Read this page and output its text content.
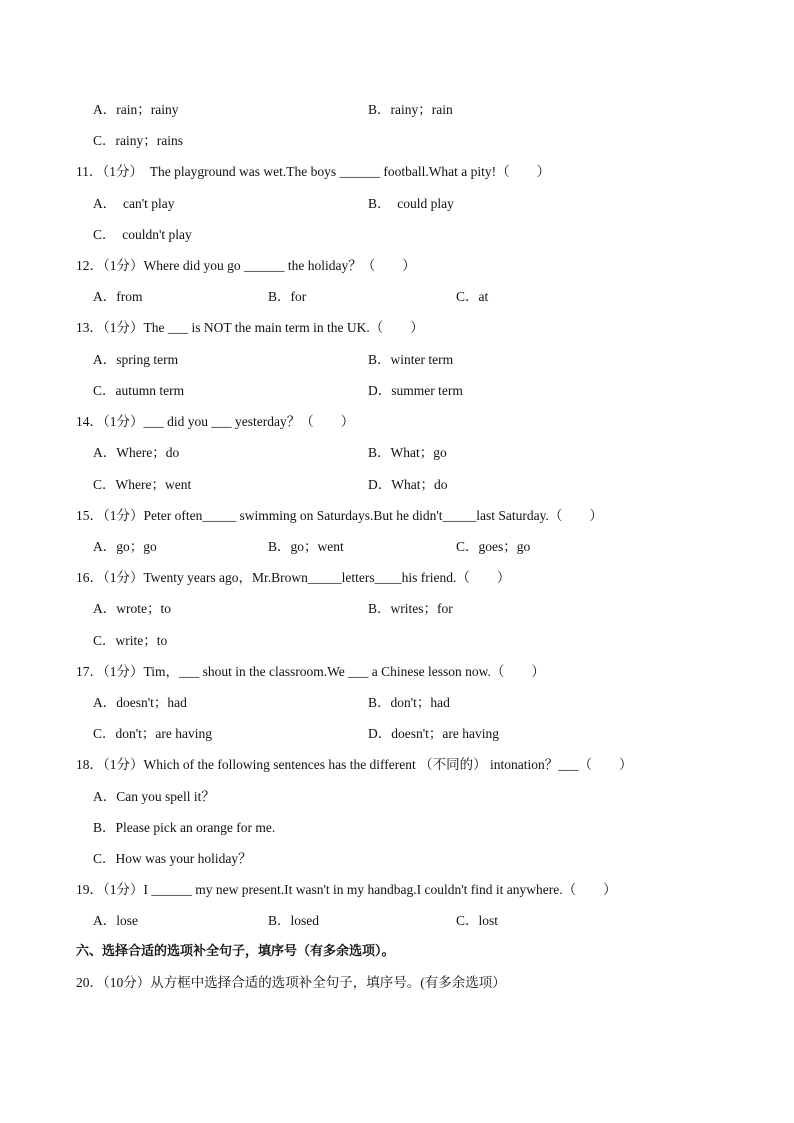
A．rain；rainy	B．rainy；rain
C．rainy；rains
11．（1分）  The playground was wet.The boys ______ football.What a pity!（　　）
A．  can't play	B．  could play
C．  couldn't play
12．（1分）Where did you go ______ the holiday？（　　）
A．from	B．for	C．at
13．（1分）The ___ is NOT the main term in the UK.（　　）
A．spring term	B．winter term
C．autumn term	D．summer term
14．（1分）___ did you ___ yesterday？（　　）
A．Where；do	B．What；go
C．Where；went	D．What；do
15．（1分）Peter often_____ swimming on Saturdays.But he didn't_____last Saturday.（　　）
A．go；go	B．go；went	C．goes；go
16．（1分）Twenty years ago，Mr.Brown_____letters____his friend.（　　）
A．wrote；to	B．writes；for
C．write；to
17．（1分）Tim，___ shout in the classroom.We ___ a Chinese lesson now.（　　）
A．doesn't；had	B．don't；had
C．don't；are having	D．doesn't；are having
18．（1分）Which of the following sentences has the different （不同的） intonation？___（　　）
A．Can you spell it？
B．Please pick an orange for me.
C．How was your holiday？
19．（1分）I ______ my new present.It wasn't in my handbag.I couldn't find it anywhere.（　　）
A．lose	B．losed	C．lost
六、选择合适的选项补全句子，填序号（有多余选项）。
20．（10分）从方框中选择合适的选项补全句子，填序号。(有多余选项）
